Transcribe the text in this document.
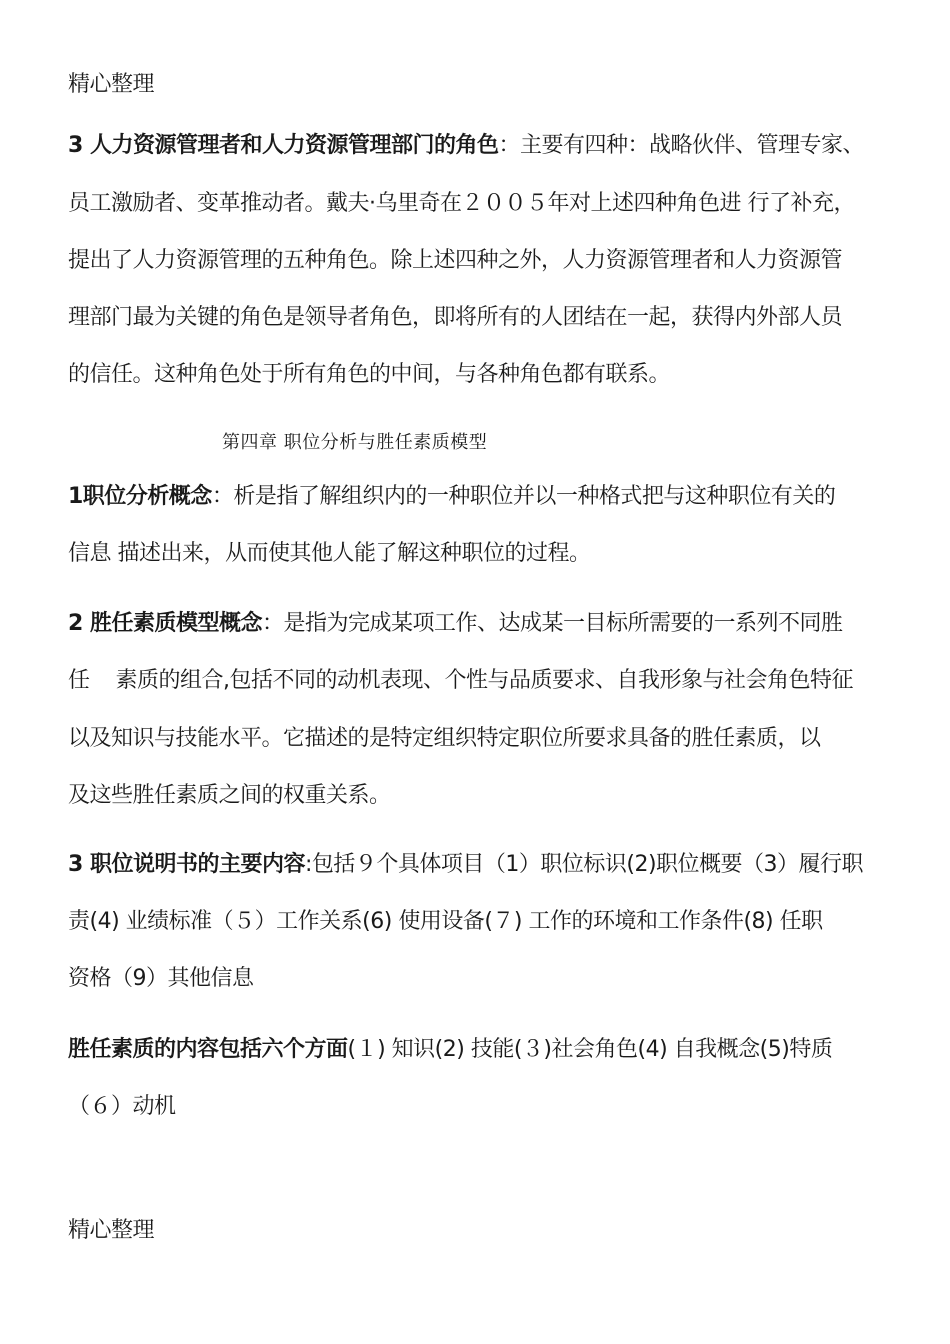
精心整理
3 人力资源管理者和人力资源管理部门的角色：主要有四种：战略伙伴、管理专家、
员工激励者、变革推动者。戴夫·乌里奇在２００５年对上述四种角色进 行了补充，
提出了人力资源管理的五种角色。除上述四种之外，人力资源管理者和人力资源管
理部门最为关键的角色是领导者角色，即将所有的人团结在一起，获得内外部人员
的信任。这种角色处于所有角色的中间，与各种角色都有联系。
第四章 职位分析与胜任素质模型
1职位分析概念：析是指了解组织内的一种职位并以一种格式把与这种职位有关的
信息 描述出来，从而使其他人能了解这种职位的过程。
2 胜任素质模型概念：是指为完成某项工作、达成某一目标所需要的一系列不同胜
任    素质的组合,包括不同的动机表现、个性与品质要求、自我形象与社会角色特征
以及知识与技能水平。它描述的是特定组织特定职位所要求具备的胜任素质，以
及这些胜任素质之间的权重关系。
3 职位说明书的主要内容:包括９个具体项目（1）职位标识(2)职位概要（3）履行职
责(4) 业绩标准（５）工作关系(6) 使用设备(７) 工作的环境和工作条件(8) 任职
资格（9）其他信息
胜任素质的内容包括六个方面(１) 知识(2) 技能(３)社会角色(4) 自我概念(5)特质
（６）动机
精心整理
